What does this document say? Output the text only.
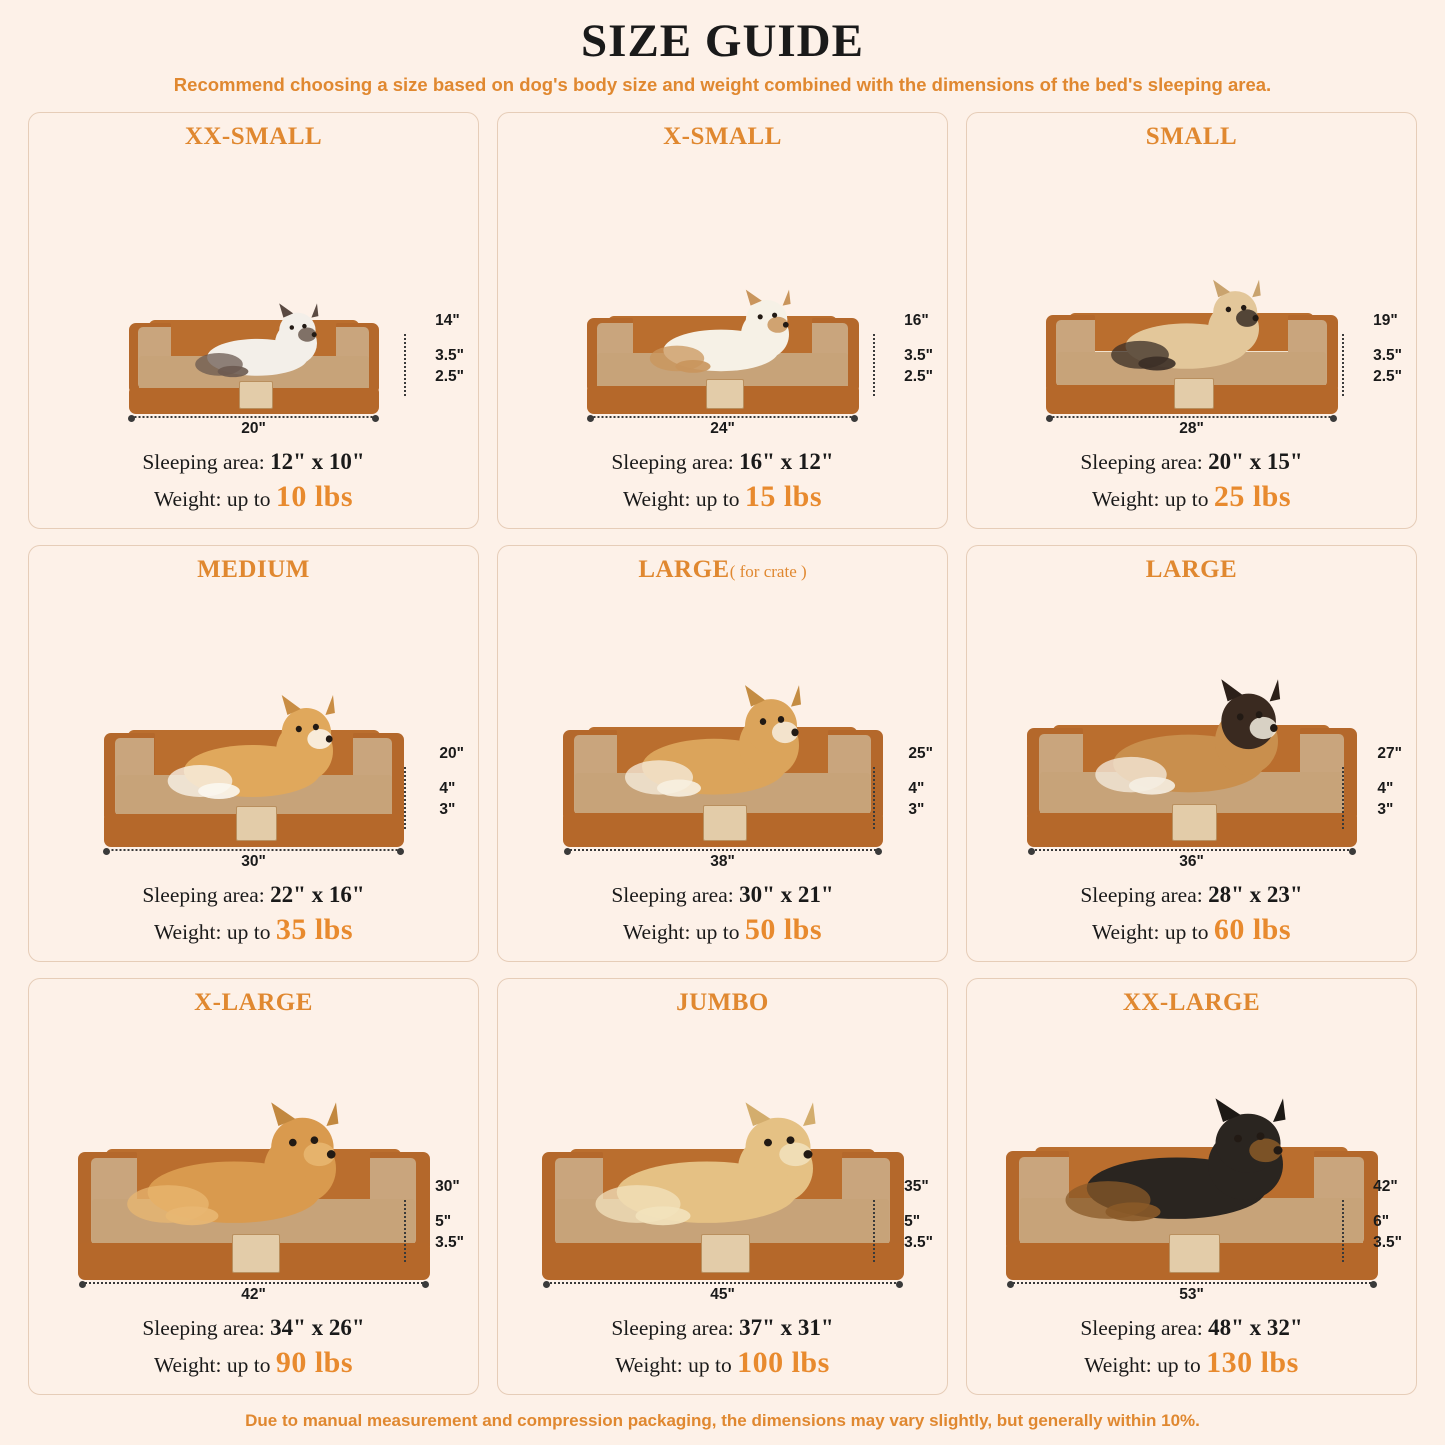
SIZE GUIDE
Recommend choosing a size based on dog's body size and weight combined with the dimensions of the bed's sleeping area.
XX-SMALL
14"
3.5"
2.5"
20"
Sleeping area: 12" x 10"
Weight: up to 10 lbs
X-SMALL
16"
3.5"
2.5"
24"
Sleeping area: 16" x 12"
Weight: up to 15 lbs
SMALL
19"
3.5"
2.5"
28"
Sleeping area: 20" x 15"
Weight: up to 25 lbs
MEDIUM
20"
4"
3"
30"
Sleeping area: 22" x 16"
Weight: up to 35 lbs
LARGE( for crate )
25"
4"
3"
38"
Sleeping area: 30" x 21"
Weight: up to 50 lbs
LARGE
27"
4"
3"
36"
Sleeping area: 28" x 23"
Weight: up to 60 lbs
X-LARGE
30"
5"
3.5"
42"
Sleeping area: 34" x 26"
Weight: up to 90 lbs
JUMBO
35"
5"
3.5"
45"
Sleeping area: 37" x 31"
Weight: up to 100 lbs
XX-LARGE
42"
6"
3.5"
53"
Sleeping area: 48" x 32"
Weight: up to 130 lbs
Due to manual measurement and compression packaging, the dimensions may vary slightly, but generally within 10%.
